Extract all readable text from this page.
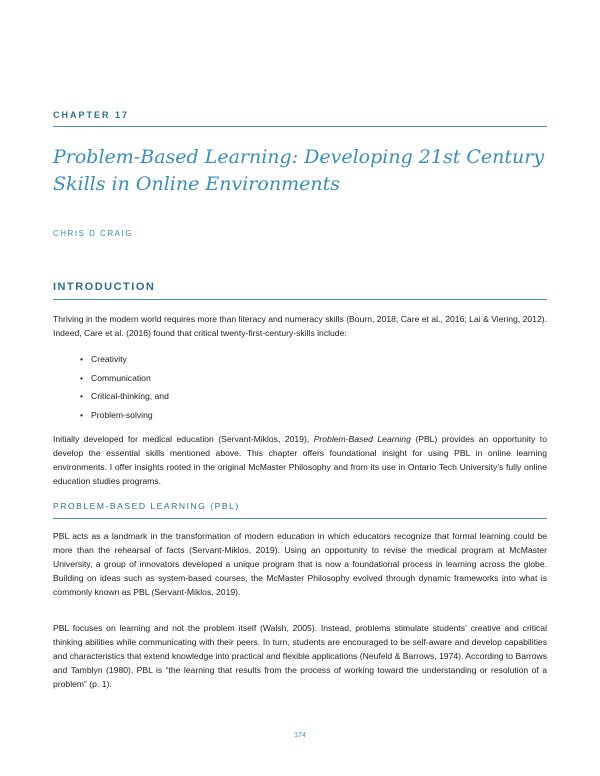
CHAPTER 17
Problem-Based Learning: Developing 21st Century Skills in Online Environments
CHRIS D CRAIG
INTRODUCTION

Thriving in the modern world requires more than literacy and numeracy skills (Bourn, 2018; Care et al., 2016; Lai & Viering, 2012). Indeed, Care et al. (2016) found that critical twenty-first-century-skills include:

• Creativity
• Communication
• Critical-thinking, and
• Problem-solving

Initially developed for medical education (Servant-Miklos, 2019), Problem-Based Learning (PBL) provides an opportunity to develop the essential skills mentioned above. This chapter offers foundational insight for using PBL in online learning environments. I offer insights rooted in the original McMaster Philosophy and from its use in Ontario Tech University's fully online education studies programs.

PROBLEM-BASED LEARNING (PBL)

PBL acts as a landmark in the transformation of modern education in which educators recognize that formal learning could be more than the rehearsal of facts (Servant-Miklos, 2019). Using an opportunity to revise the medical program at McMaster University, a group of innovators developed a unique program that is now a foundational process in learning across the globe. Building on ideas such as system-based courses, the McMaster Philosophy evolved through dynamic frameworks into what is commonly known as PBL (Servant-Miklos, 2019).

PBL focuses on learning and not the problem itself (Walsh, 2005). Instead, problems stimulate students' creative and critical thinking abilities while communicating with their peers. In turn, students are encouraged to be self-aware and develop capabilities and characteristics that extend knowledge into practical and flexible applications (Neufeld & Barrows, 1974). According to Barrows and Tamblyn (1980), PBL is “the learning that results from the process of working toward the understanding or resolution of a problem” (p. 1).

174
